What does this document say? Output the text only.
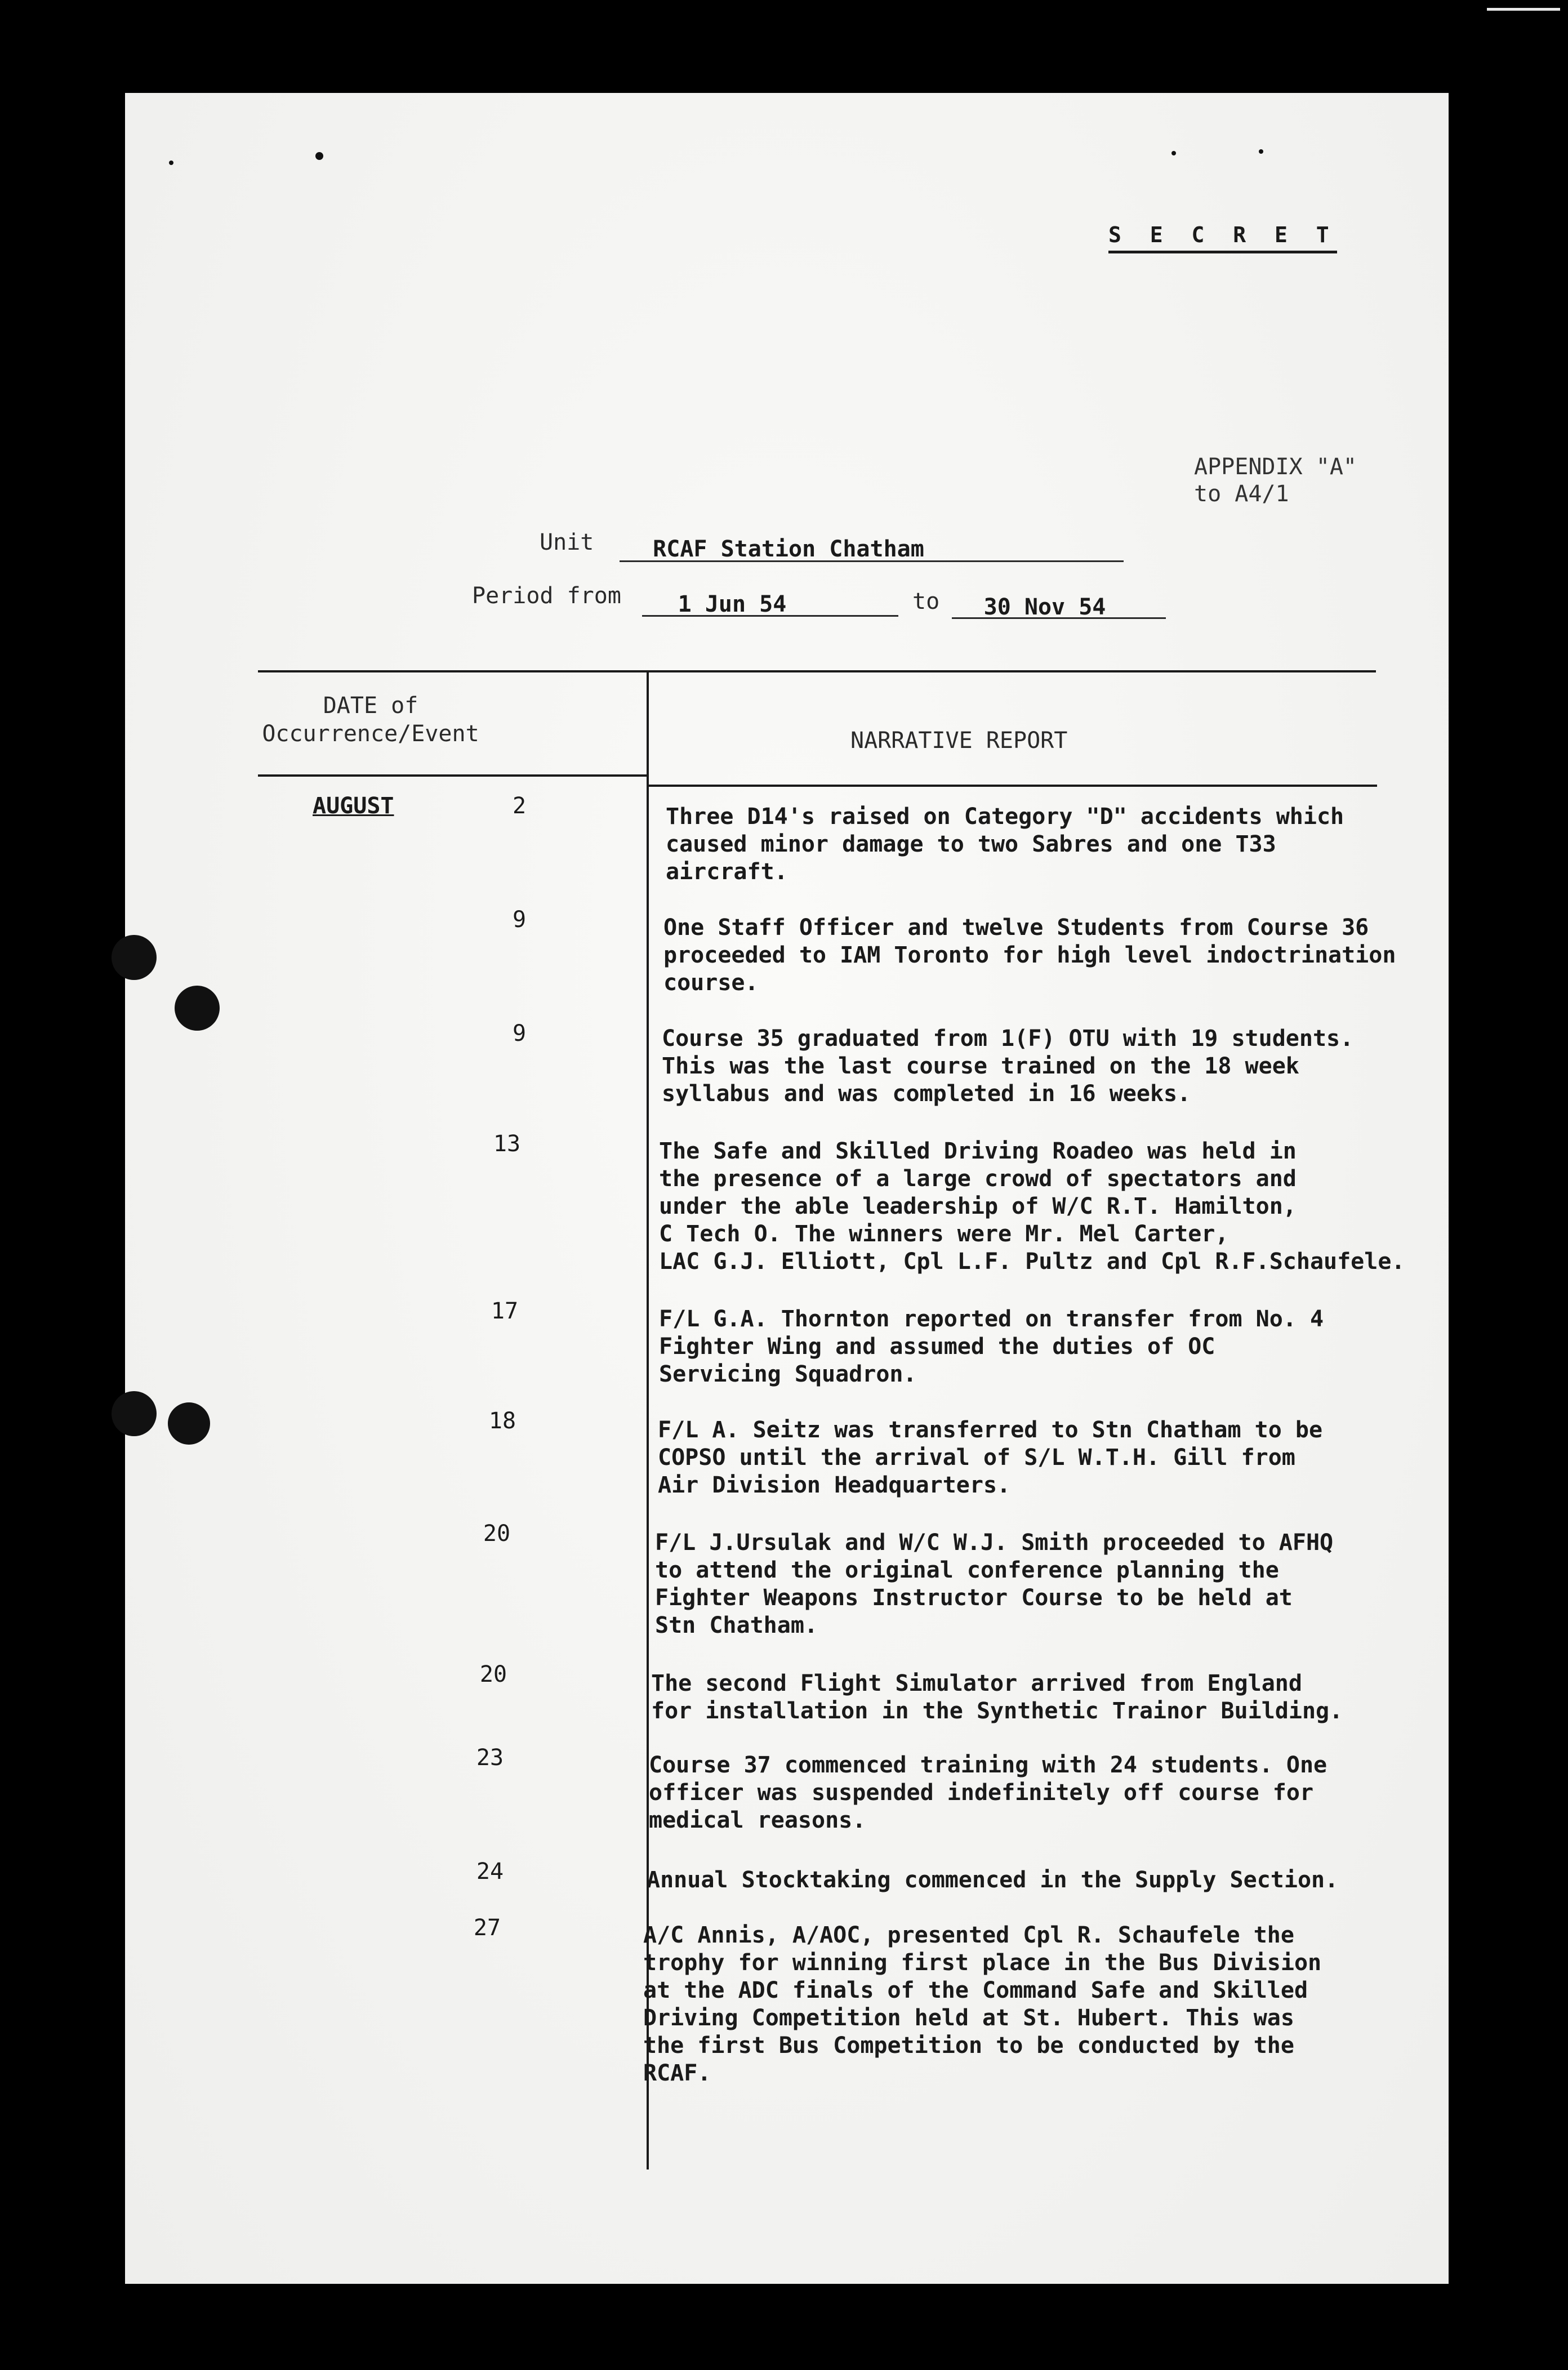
S E C R E T
APPENDIX "A"
to A4/1
Unit	RCAF Station Chatham
Period from	1 Jun 54	to	30 Nov 54
DATE of
Occurrence/Event	NARRATIVE REPORT
AUGUST	2	Three D14's raised on Category "D" accidents which
caused minor damage to two Sabres and one T33
aircraft.
9	One Staff Officer and twelve Students from Course 36
proceeded to IAM Toronto for high level indoctrination
course.
9	Course 35 graduated from 1(F) OTU with 19 students.
This was the last course trained on the 18 week
syllabus and was completed in 16 weeks.
13	The Safe and Skilled Driving Roadeo was held in
the presence of a large crowd of spectators and
under the able leadership of W/C R.T. Hamilton,
C Tech O. The winners were Mr. Mel Carter,
LAC G.J. Elliott, Cpl L.F. Pultz and Cpl R.F.Schaufele.
17	F/L G.A. Thornton reported on transfer from No. 4
Fighter Wing and assumed the duties of OC
Servicing Squadron.
18	F/L A. Seitz was transferred to Stn Chatham to be
COPSO until the arrival of S/L W.T.H. Gill from
Air Division Headquarters.
20	F/L J.Ursulak and W/C W.J. Smith proceeded to AFHQ
to attend the original conference planning the
Fighter Weapons Instructor Course to be held at
Stn Chatham.
20	The second Flight Simulator arrived from England
for installation in the Synthetic Trainor Building.
23	Course 37 commenced training with 24 students. One
officer was suspended indefinitely off course for
medical reasons.
24	Annual Stocktaking commenced in the Supply Section.
27	A/C Annis, A/AOC, presented Cpl R. Schaufele the
trophy for winning first place in the Bus Division
at the ADC finals of the Command Safe and Skilled
Driving Competition held at St. Hubert. This was
the first Bus Competition to be conducted by the
RCAF.
